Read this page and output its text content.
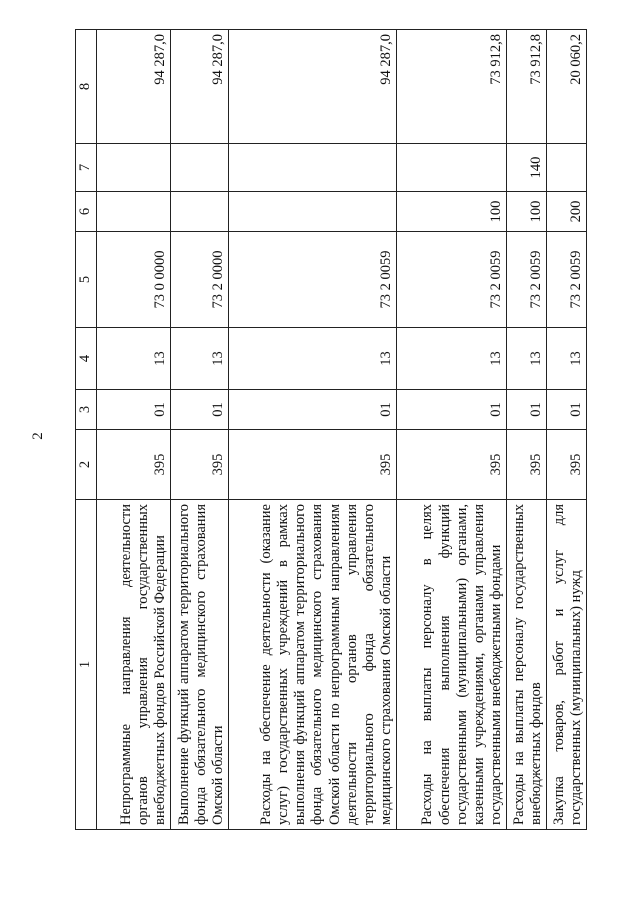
2
1	2	3	4	5	6	7	8
Непрограммные направления деятельности органов управления государственных внебюджетных фондов Российской Федерации	395	01	13	73 0 0000			94 287,0
Выполнение функций аппаратом территориального фонда обязательного медицинского страхования Омской области	395	01	13	73 2 0000			94 287,0
Расходы на обеспечение деятельности (оказание услуг) государственных учреждений в рамках выполнения функций аппаратом территориального фонда обязательного медицинского страхования Омской области по непрограммным направлениям деятельности органов управления территориального фонда обязательного медицинского страхования Омской области	395	01	13	73 2 0059			94 287,0
Расходы на выплаты персоналу в целях обеспечения выполнения функций государственными (муниципальными) органами, казенными учреждениями, органами управления государственными внебюджетными фондами	395	01	13	73 2 0059	100		73 912,8
Расходы на выплаты персоналу государственных внебюджетных фондов	395	01	13	73 2 0059	100	140	73 912,8
Закупка товаров, работ и услуг для государственных (муниципальных) нужд	395	01	13	73 2 0059	200		20 060,2
